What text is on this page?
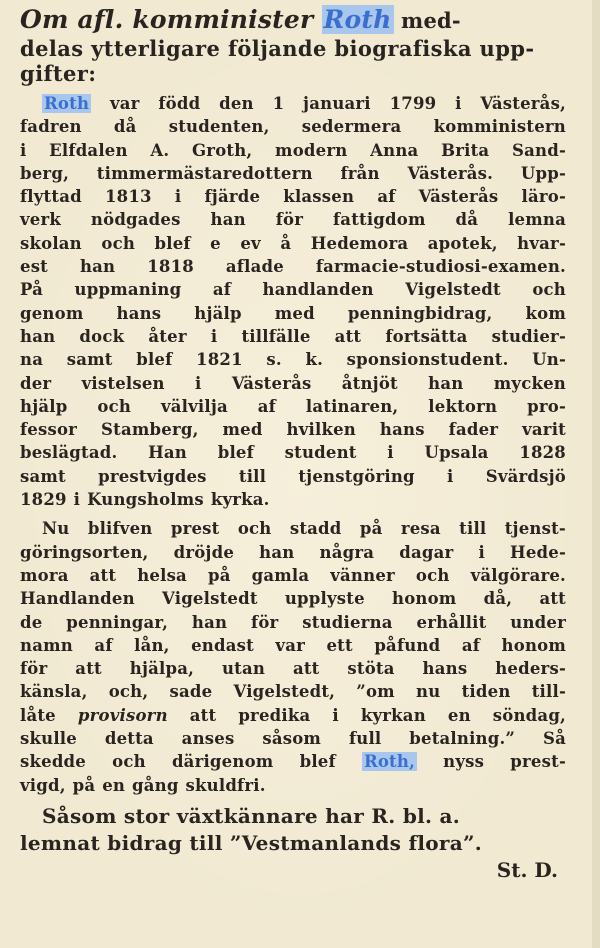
Om afl. komminister Roth med-
delas ytterligare följande biografiska upp-
gifter:
Roth var född den 1 januari 1799 i Västerås,
fadren då studenten, sedermera komministern
i Elfdalen A. Groth, modern Anna Brita Sand-
berg, timmermästaredottern från Västerås. Upp-
flyttad 1813 i fjärde klassen af Västerås läro-
verk nödgades han för fattigdom då lemna
skolan och blef e ev å Hedemora apotek, hvar-
est han 1818 aflade farmacie-studiosi-examen.
På uppmaning af handlanden Vigelstedt och
genom hans hjälp med penningbidrag, kom
han dock åter i tillfälle att fortsätta studier-
na samt blef 1821 s. k. sponsionstudent. Un-
der vistelsen i Västerås åtnjöt han mycken
hjälp och välvilja af latinaren, lektorn pro-
fessor Stamberg, med hvilken hans fader varit
beslägtad. Han blef student i Upsala 1828
samt prestvigdes till tjenstgöring i Svärdsjö
1829 i Kungsholms kyrka.
Nu blifven prest och stadd på resa till tjenst-
göringsorten, dröjde han några dagar i Hede-
mora att helsa på gamla vänner och välgörare.
Handlanden Vigelstedt upplyste honom då, att
de penningar, han för studierna erhållit under
namn af lån, endast var ett påfund af honom
för att hjälpa, utan att stöta hans heders-
känsla, och, sade Vigelstedt, ”om nu tiden till-
låte provisorn att predika i kyrkan en söndag,
skulle detta anses såsom full betalning.” Så
skedde och därigenom blef Roth, nyss prest-
vigd, på en gång skuldfri.
Såsom stor växtkännare har R. bl. a.
lemnat bidrag till ”Vestmanlands flora”.
St. D.
